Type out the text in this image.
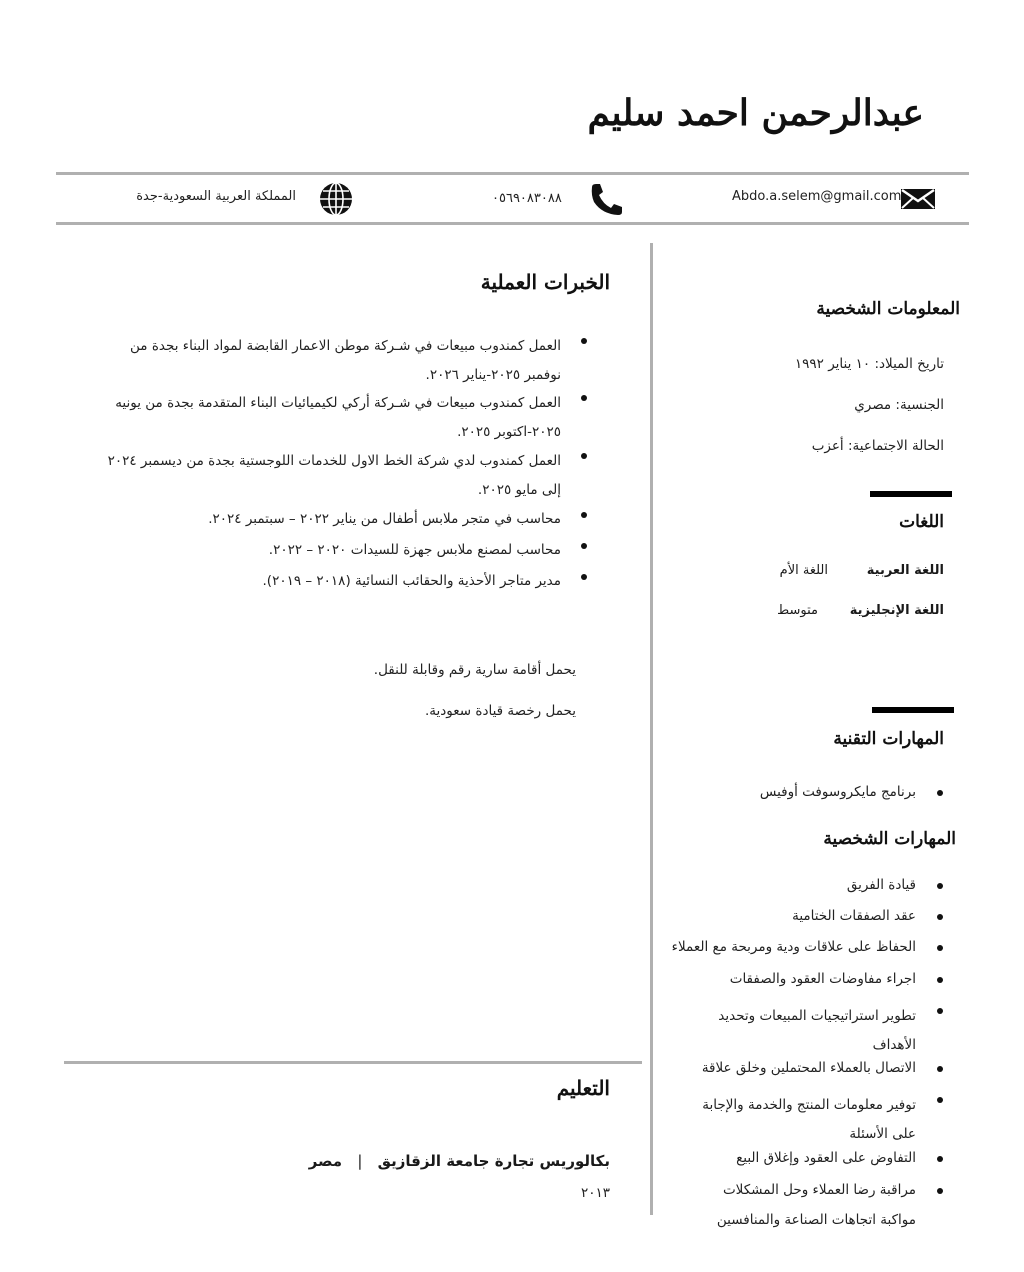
عبدالرحمن احمد سليم
Abdo.a.selem@gmail.com
٠٥٦٩٠٨٣٠٨٨
المملكة العربية السعودية-جدة
الخبرات العملية
العمل كمندوب مبيعات في شـركة موطن الاعمار القابضة لمواد البناء بجدة من نوفمبر ٢٠٢٥-يناير ٢٠٢٦.
العمل كمندوب مبيعات في شـركة أركي لكيميائيات البناء المتقدمة بجدة من يونيه ٢٠٢٥-اكتوبر ٢٠٢٥.
العمل كمندوب لدي شركة الخط الاول للخدمات اللوجستية بجدة من ديسمبر ٢٠٢٤ إلى مايو ٢٠٢٥.
محاسب في متجر ملابس أطفال من يناير ٢٠٢٢ – سبتمبر ٢٠٢٤.
محاسب لمصنع ملابس جهزة للسيدات ٢٠٢٠ – ٢٠٢٢.
مدير متاجر الأحذية والحقائب النسائية (٢٠١٨ – ٢٠١٩).
يحمل أقامة سارية رقم وقابلة للنقل.
يحمل رخصة قيادة سعودية.
التعليم
بكالوريس تجارة جامعة الزقازيق | مصر
٢٠١٣
المعلومات الشخصية
تاريخ الميلاد: ١٠ يناير ١٩٩٢
الجنسية: مصري
الحالة الاجتماعية: أعزب
اللغات
اللغة العربية
اللغة الأم
اللغة الإنجليزية
متوسط
المهارات التقنية
برنامج مايكروسوفت أوفيس
المهارات الشخصية
قيادة الفريق
عقد الصفقات الختامية
الحفاظ على علاقات ودية ومربحة مع العملاء
اجراء مفاوضات العقود والصفقات
تطوير استراتيجيات المبيعات وتحديد الأهداف
الاتصال بالعملاء المحتملين وخلق علاقة
توفير معلومات المنتج والخدمة والإجابة على الأسئلة
التفاوض على العقود وإغلاق البيع
مراقبة رضا العملاء وحل المشكلات
مواكبة اتجاهات الصناعة والمنافسين
